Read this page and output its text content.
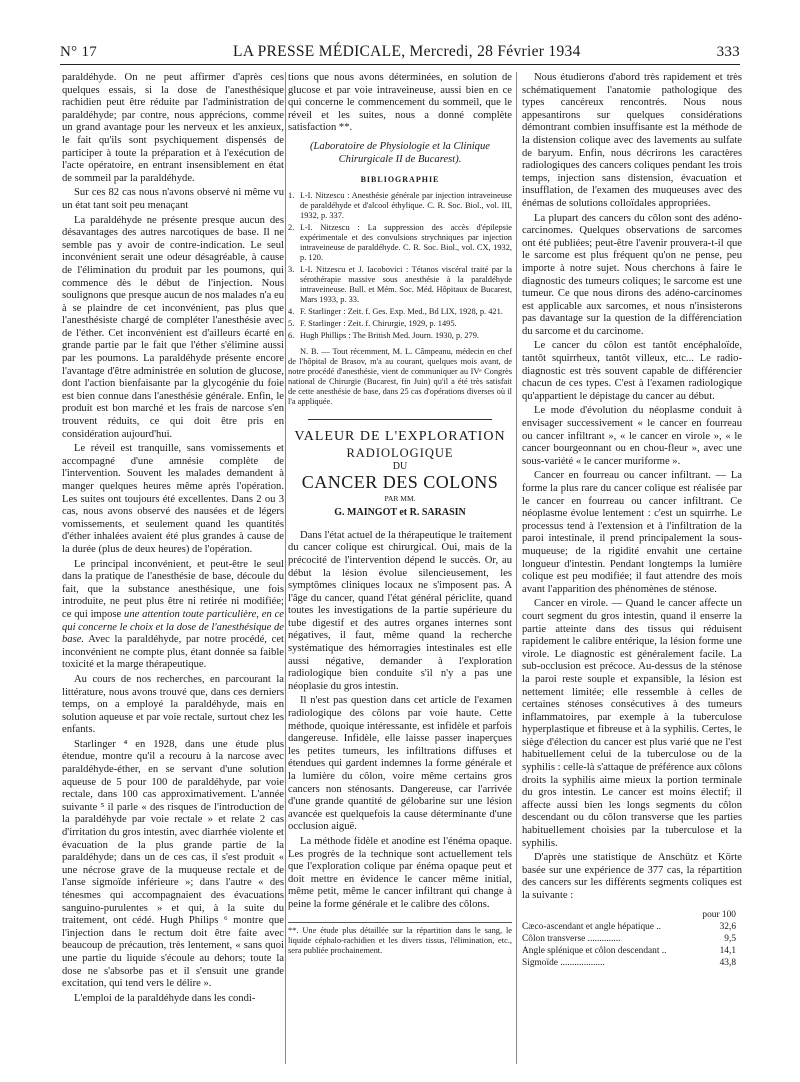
N° 17	LA PRESSE MÉDICALE, Mercredi, 28 Février 1934	333

paraldéhyde. On ne peut affirmer d'après ces quelques essais, si la dose de l'anesthésique rachidien peut être réduite par l'administration de paraldéhyde; par contre, nous apprécions, comme un grand avantage pour les nerveux et les anxieux, le fait qu'ils sont psychiquement dispensés de participer à toute la préparation et à l'exécution de l'acte opératoire, en entrant insensiblement en état de sommeil par la paraldéhyde.

Sur ces 82 cas nous n'avons observé ni même vu un état tant soit peu menaçant

La paraldéhyde ne présente presque aucun des désavantages des autres narcotiques de base. Il ne semble pas y avoir de contre-indication. Le seul inconvénient serait une odeur désagréable, à cause de l'élimination du produit par les poumons, qui commence dès le début de l'injection. Nous soulignons que presque aucun de nos malades n'a eu à se plaindre de cet inconvénient, pas plus que l'anesthésiste chargé de compléter l'anesthésie avec de l'éther. Cet inconvénient est d'ailleurs écarté en grande partie par le fait que l'éther s'élimine aussi par les poumons. La paraldéhyde présente encore l'avantage d'être administrée en solution de glucose, dont l'action bienfaisante par la glycogénie du foie est bien connue dans l'anesthésie générale. Enfin, le produit est bon marché et les frais de narcose s'en trouvent réduits, ce qui doit être pris en considération aujourd'hui.

Le réveil est tranquille, sans vomissements et accompagné d'une amnésie complète de l'intervention. Souvent les malades demandent à manger quelques heures même après l'opération. Les suites ont toujours été excellentes. Dans 2 ou 3 cas, nous avons observé des nausées et de légers vomissements, et seulement quand les quantités d'éther inhalées avaient été plus grandes à cause de la durée (plus de deux heures) de l'opération.

Le principal inconvénient, et peut-être le seul dans la pratique de l'anesthésie de base, découle du fait, que la substance anesthésique, une fois introduite, ne peut plus être ni retirée ni modifiée; ce qui impose une attention toute particulière, en ce qui concerne le choix et la dose de l'anesthésique de base. Avec la paraldéhyde, par notre procédé, cet inconvénient ne compte plus, étant donnée sa faible toxicité et la marge thérapeutique.

Au cours de nos recherches, en parcourant la littérature, nous avons trouvé que, dans ces derniers temps, on a employé la paraldéhyde, mais en solution aqueuse et par voie rectale, surtout chez les enfants.

Starlinger ⁴ en 1928, dans une étude plus étendue, montre qu'il a recouru à la narcose avec paraldéhyde-éther, en se servant d'une solution aqueuse de 5 pour 100 de paraldéhyde, par voie rectale, dans 100 cas approximativement. L'année suivante ⁵ il parle « des risques de l'introduction de la paraldéhyde par voie rectale » et relate 2 cas d'irritation du gros intestin, avec diarrhée violente et évacuation de la plus grande partie de la paraldéhyde; dans un de ces cas, il s'est produit « une nécrose grave de la muqueuse rectale et de l'anse sigmoïde inférieure »; dans l'autre « des ténesmes qui accompagnaient des évacuations sanguino-purulentes » et qui, à la suite du traitement, ont cédé. Hugh Philips ⁶ montre que l'injection dans le rectum doit être faite avec beaucoup de précaution, très lentement, « sans quoi une partie du liquide s'écoule au dehors; toute la dose ne s'absorbe pas et il s'ensuit une grande excitation, qui tend vers le délire ».

L'emploi de la paraldéhyde dans les condi-

tions que nous avons déterminées, en solution de glucose et par voie intraveineuse, aussi bien en ce qui concerne le commencement du sommeil, que le réveil et les suites, nous a donné complète satisfaction **.

(Laboratoire de Physiologie et la Clinique Chirurgicale II de Bucarest).

BIBLIOGRAPHIE

1. I.-I. Nitzescu : Anesthésie générale par injection intraveineuse de paraldéhyde et d'alcool éthylique. C. R. Soc. Biol., vol. III, 1932, p. 337.

2. I.-I. Nitzescu : La suppression des accès d'épilepsie expérimentale et des convulsions strychniques par injection intraveineuse de paraldéhyde. C. R. Soc. Biol., vol. CX, 1932, p. 120.

3. I.-I. Nitzescu et J. Iacobovici : Tétanos viscéral traité par la sérothérapie massive sous anesthésie à la paraldéhyde intraveineuse. Bull. et Mém. Soc. Méd. Hôpitaux de Bucarest, Mars 1933, p. 33.

4. F. Starlinger : Zeit. f. Ges. Exp. Med., Bd LIX, 1928, p. 421.

5. F. Starlinger : Zeit. f. Chirurgie, 1929, p. 1495.

6. Hugh Phillips : The British Med. Journ. 1930, p. 279.

N. B. — Tout récemment, M. L. Câmpeanu, médecin en chef de l'hôpital de Brasov, m'a au courant, quelques mois avant, de notre procédé d'anesthésie, vient de communiquer au IVᵉ Congrès national de Chirurgie (Bucarest, fin Juin) qu'il a été très satisfait de cette anesthésie de base, dans 25 cas d'opérations diverses où il l'a appliquée.

VALEUR DE L'EXPLORATION
RADIOLOGIQUE
DU
CANCER DES COLONS
PAR MM.
G. MAINGOT et R. SARASIN

Dans l'état actuel de la thérapeutique le traitement du cancer colique est chirurgical. Oui, mais de la précocité de l'intervention dépend le succès. Or, au début la lésion évolue silencieusement, les symptômes cliniques locaux ne s'imposent pas. A l'âge du cancer, quand l'état général périclite, quand toutes les investigations de la partie supérieure du tube digestif et des autres organes internes sont négatives, il faut, même quand la recherche systématique des hémorragies intestinales est elle aussi négative, demander à l'exploration radiologique bien conduite s'il n'y a pas une néoplasie du gros intestin.

Il n'est pas question dans cet article de l'examen radiologique des côlons par voie haute. Cette méthode, quoique intéressante, est infidèle et parfois dangereuse. Infidèle, elle laisse passer inaperçues les petites tumeurs, les infiltrations diffuses et étendues qui gardent indemnes la forme générale et la lumière du côlon, voire même certains gros cancers non sténosants. Dangereuse, car l'arrivée d'une grande quantité de gélobarine sur une lésion avancée est quelquefois la cause déterminante d'une occlusion aiguë.

La méthode fidèle et anodine est l'énéma opaque. Les progrès de la technique sont actuellement tels que l'exploration colique par énéma opaque peut et doit mettre en évidence le cancer même initial, même petit, même le cancer infiltrant qui change à peine la forme générale et le calibre des côlons.

**. Une étude plus détaillée sur la répartition dans le sang, le liquide céphalo-rachidien et les divers tissus, l'élimination, etc., sera publiée prochainement.

Nous étudierons d'abord très rapidement et très schématiquement l'anatomie pathologique des types cancéreux rencontrés. Nous nous appesantirons sur quelques considérations démontrant combien insuffisante est la méthode de la distension colique avec des lavements au sulfate de baryum. Enfin, nous décrirons les caractères radiologiques des cancers coliques pendant les trois temps, injection sans distension, évacuation et insufflation, de l'examen des muqueuses avec des énémas de solutions colloïdales appropriées.

La plupart des cancers du côlon sont des adéno-carcinomes. Quelques observations de sarcomes ont été publiées; peut-être l'avenir prouvera-t-il que le sarcome est plus fréquent qu'on ne pense, peu importe à notre sujet. Nous cherchons à faire le diagnostic des tumeurs coliques; le sarcome est une tumeur. Ce que nous dirons des adéno-carcinomes est applicable aux sarcomes, et nous n'insisterons pas davantage sur la question de la différenciation du sarcome et du carcinome.

Le cancer du côlon est tantôt encéphaloïde, tantôt squirrheux, tantôt villeux, etc... Le radio-diagnostic est très souvent capable de différencier chacun de ces types. C'est à l'examen radiologique qu'appartient le dépistage du cancer au début.

Le mode d'évolution du néoplasme conduit à envisager successivement « le cancer en fourreau ou cancer infiltrant », « le cancer en virole », « le cancer bourgeonnant ou en chou-fleur », avec une sous-variété « le cancer muriforme ».

Cancer en fourreau ou cancer infiltrant. — La forme la plus rare du cancer colique est réalisée par le cancer en fourreau ou cancer infiltrant. Ce néoplasme évolue lentement : c'est un squirrhe. Le processus tend à l'extension et à l'infiltration de la paroi intestinale, il prend principalement la sous-muqueuse; de la rigidité envahit une certaine longueur d'intestin. Pendant longtemps la lumière colique est peu modifiée; il faut attendre des mois avant l'apparition des phénomènes de sténose.

Cancer en virole. — Quand le cancer affecte un court segment du gros intestin, quand il enserre la partie atteinte dans des tissus qui réduisent rapidement le calibre entérique, la lésion forme une virole. Le diagnostic est généralement facile. La sub-occlusion est précoce. Au-dessus de la sténose la paroi reste souple et expansible, la lésion est nettement limitée; elle ressemble à celles de certaines sténoses consécutives à des tumeurs inflammatoires, par exemple à la tuberculose hyperplastique et fibreuse et à la syphilis. Certes, le siège d'élection du cancer est plus varié que ne l'est habituellement celui de la tuberculose ou de la syphilis : celle-là s'attaque de préférence aux côlons droits la syphilis aime mieux la portion terminale du gros intestin. Le cancer est moins électif; il affecte aussi bien les longs segments du côlon descendant ou du côlon transverse que les parties habituellement choisies par la tuberculose et la syphilis.

D'après une statistique de Anschütz et Körte basée sur une expérience de 377 cas, la répartition des cancers sur les différents segments coliques est la suivante :

pour 100
Cæco-ascendant et angle hépatique ..	32,6
Côlon transverse ..............	9,5
Angle splénique et côlon descendant ..	14,1
Sigmoïde ...................	43,8
